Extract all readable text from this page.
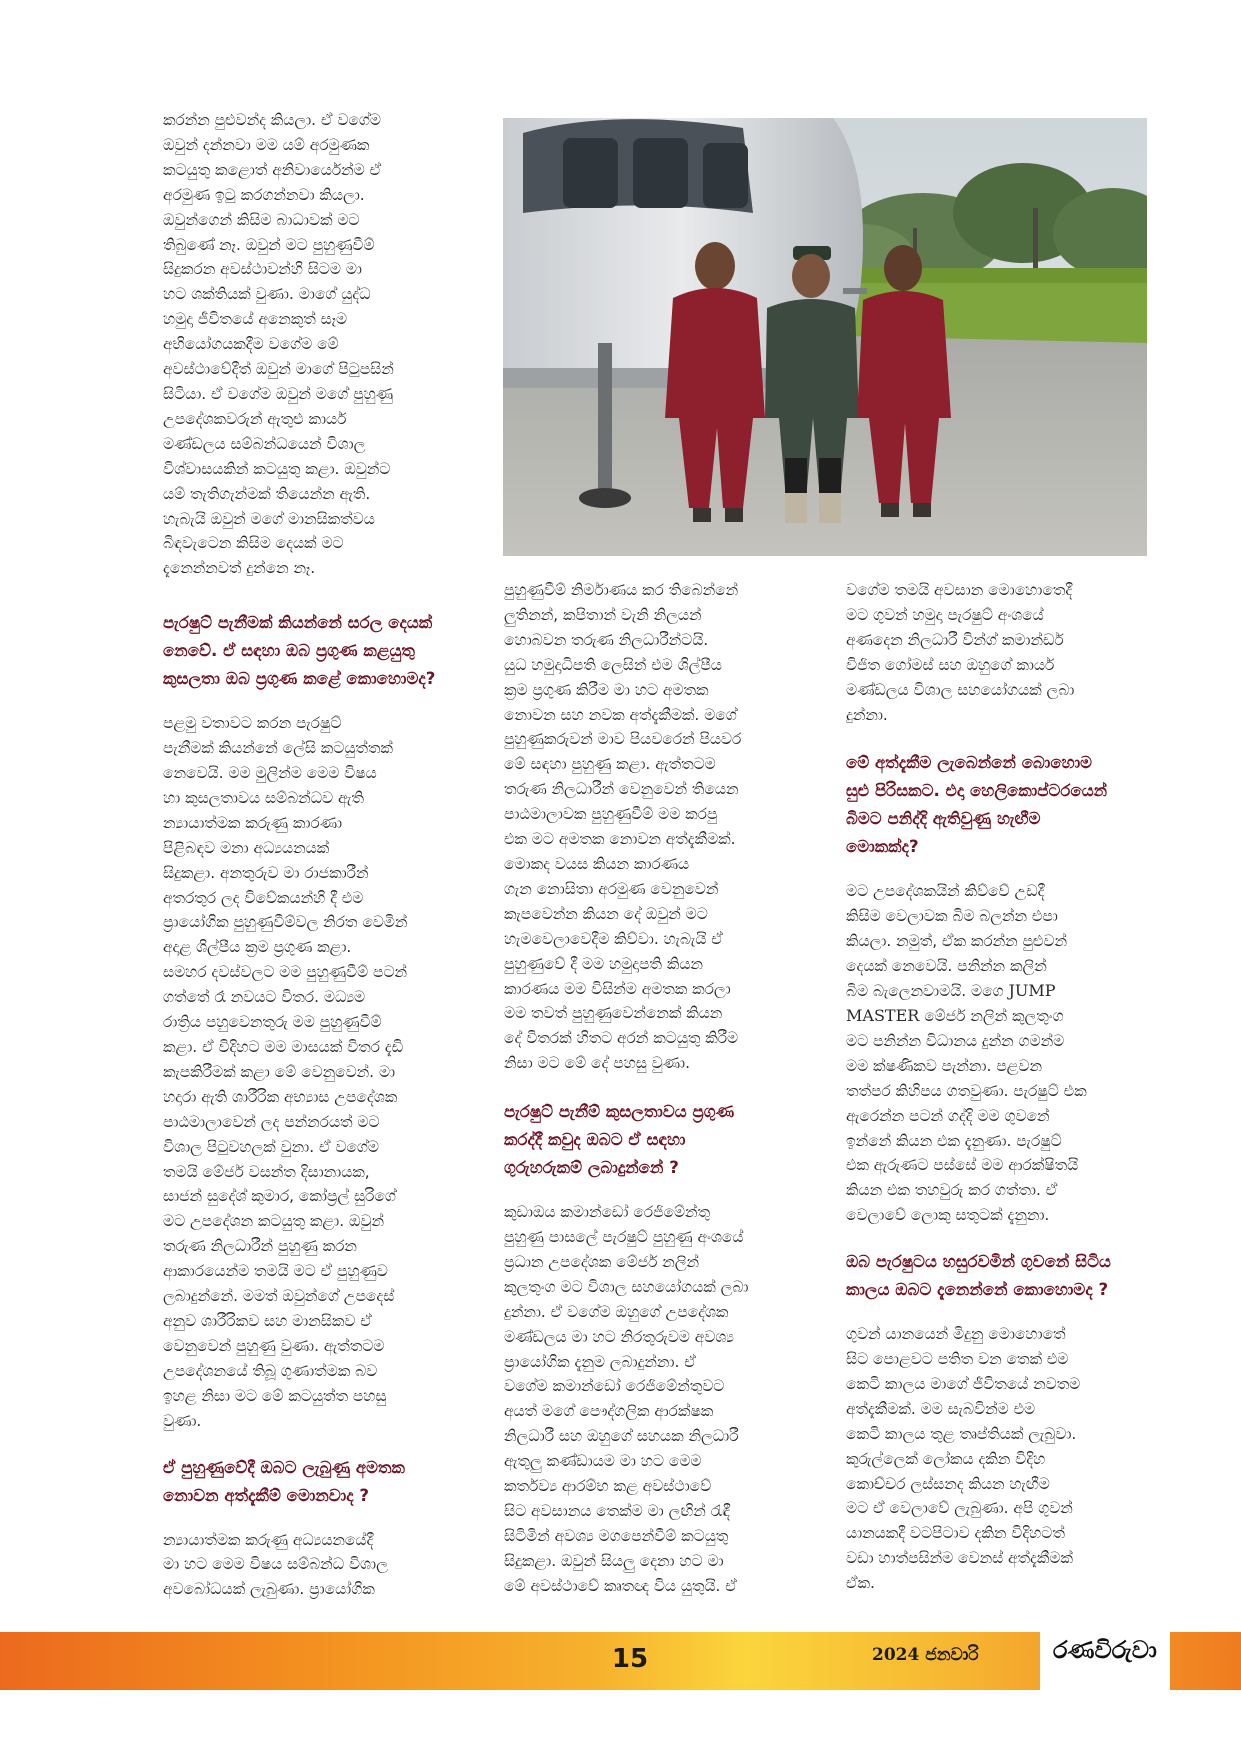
කරන්න පුළුවන්ද කියලා. ඒ වගේම
ඔවුන් දන්නවා මම යම් අරමුණක
කටයුතු කළොත් අනිවාර්යෙන්ම ඒ
අරමුණ ඉටු කරගන්නවා කියලා.
ඔවුන්ගෙන් කිසිම බාධාවක් මට
තිබුණේ නෑ. ඔවුන් මට පුහුණුවීම්
සිදුකරන අවස්ථාවන්හි සිටම මා
හට ශක්තියක් වුණා. මාගේ යුද්ධ
හමුදා ජීවිතයේ අනෙකුත් සෑම
අභියෝගයකදීම වගේම මේ
අවස්ථාවේදීත් ඔවුන් මාගේ පිටුපසින්
සිටියා. ඒ වගේම ඔවුන් මගේ පුහුණු
උපදේශකවරුන් ඇතුළු කාර්ය
මණ්ඩලය සම්බන්ධයෙන් විශාල
විශ්වාසයකින් කටයුතු කළා. ඔවුන්ට
යම් තැතිගැන්මක් තියෙන්න ඇති.
හැබැයි ඔවුන් මගේ මානසිකත්වය
බිඳවැටෙන කිසිම දෙයක් මට
දැනෙන්නවත් දුන්නෙ නෑ.

පැරෂුට් පැනීමක් කියන්නේ සරල දෙයක්
නෙවේ. ඒ සඳහා ඔබ ප්‍රගුණ කළයුතු
කුසලතා ඔබ ප්‍රගුණ කළේ කොහොමද?

පළමු වතාවට කරන පැරෂුට්
පැනීමක් කියන්නේ ලේසි කටයුත්තක්
නෙවෙයි. මම මුලින්ම මෙම විෂය
හා කුසලතාවය සම්බන්ධව ඇති
න්‍යායාත්මක කරුණු කාරණා
පිළිබඳව මනා අධ්‍යයනයක්
සිදුකළා. අනතුරුව මා රාජකාරීන්
අතරතුර ලද විවේකයන්හි දී එම
ප්‍රායෝගික පුහුණුවීම්වල නිරත වෙමින්
අදාළ ශිල්පීය ක්‍රම ප්‍රගුණ කළා.
සමහර දවස්වලට මම පුහුණුවීම් පටන්
ගත්තේ රෑ නවයට විතර. මධ්‍යම
රාත්‍රිය පහුවෙනතුරු මම පුහුණුවීම්
කළා. ඒ විදිහට මම මාසයක් විතර දැඩි
කැපකිරීමක් කළා මේ වෙනුවෙන්. මා
හදාරා ඇති ශාරීරික අභ්‍යාස උපදේශක
පාඨමාලාවෙන් ලද පන්නරයත් මට
විශාල පිටුවහලක් වුනා. ඒ වගේම
තමයි මේජර් වසන්ත දිසානායක,
සාජන් සුදේශ් කුමාර, කෝප්‍රල් සුරිගේ
මට උපදේශන කටයුතු කළා. ඔවුන්
තරුණ නිලධාරීන් පුහුණු කරන
ආකාරයෙන්ම තමයි මට ඒ පුහුණුව
ලබාදුන්නේ. මමත් ඔවුන්ගේ උපදෙස්
අනුව ශාරීරිකව සහ මානසිකව ඒ
වෙනුවෙන් පුහුණු වුණා. ඇත්තටම
උපදේශනයේ තිබූ ගුණාත්මක බව
ඉහළ නිසා මට මේ කටයුත්ත පහසු
වුණා.

ඒ පුහුණුවේදී ඔබට ලැබුණු අමතක
නොවන අත්දැකීම් මොනවාද ?

න්‍යායාත්මක කරුණු අධ්‍යයනයේදී
මා හට මෙම විෂය සම්බන්ධ විශාල
අවබෝධයක් ලැබුණා. ප්‍රායෝගික

පුහුණුවීම් නිර්මාණය කර තිබෙන්නේ
ලුතිනන්, කපිතාන් වැනි නිලයන්
හොබවන තරුණ නිලධාරීන්ටයි.
යුධ හමුදාධිපති ලෙසින් එම ශිල්පීය
ක්‍රම ප්‍රගුණ කිරීම මා හට අමතක
නොවන සහ නවක අත්දැකීමක්. මගේ
පුහුණුකරුවන් මාව පියවරෙන් පියවර
මේ සඳහා පුහුණු කළා. ඇත්තටම
තරුණ නිලධාරීන් වෙනුවෙන් තියෙන
පාඨමාලාවක පුහුණුවීම් මම කරපු
එක මට අමතක නොවන අත්දැකීමක්.
මොකද වයස කියන කාරණය
ගැන නොසිතා අරමුණ වෙනුවෙන්
කැපවෙන්න කියන දේ ඔවුන් මට
හැමවෙලාවෙදීම කිව්වා. හැබැයි ඒ
පුහුණුවේ දී මම හමුදාපති කියන
කාරණය මම විසින්ම අමතක කරලා
මම තවත් පුහුණුවෙන්නෙක් කියන
දේ විතරක් හිතට අරන් කටයුතු කිරීම
නිසා මට මේ දේ පහසු වුණා.

පැරෂුට් පැනීම් කුසලතාවය ප්‍රගුණ
කරද්දී කවුද ඔබට ඒ සඳහා
ගුරුහරුකම් ලබාදුන්නේ ?

කුඩාඔය කමාන්ඩෝ රෙජිමේන්තු
පුහුණු පාසලේ පැරෂුට් පුහුණු අංශයේ
ප්‍රධාන උපදේශක මේජර් නලින්
කුලතුංග මට විශාල සහයෝගයක් ලබා
දුන්නා. ඒ වගේම ඔහුගේ උපදේශක
මණ්ඩලය මා හට නිරතුරුවම අවශ්‍ය
ප්‍රායෝගික දැනුම ලබාදුන්නා. ඒ
වගේම කමාන්ඩෝ රෙජිමේන්තුවට
අයත් මගේ පෞද්ගලික ආරක්ෂක
නිලධාරී සහ ඔහුගේ සහයක නිලධාරී
ඇතුලු කණ්ඩායම මා හට මෙම
කර්තව්‍ය ආරම්භ කළ අවස්ථාවේ
සිට අවසානය තෙක්ම මා ලඟින් රැඳී
සිටිමින් අවශ්‍ය මගපෙන්වීම් කටයුතු
සිදුකළා. ඔවුන් සියලු දෙනා හට මා
මේ අවස්ථාවේ කෘතඥ විය යුතුයි. ඒ

වගේම තමයි අවසාන මොහොතෙදී
මට ගුවන් හමුදා පැරෂුට් අංශයේ
අණදෙන නිලධාරී වින්ග් කමාන්ඩර්
විජිත ගෝමස් සහ ඔහුගේ කාර්ය
මණ්ඩලය විශාල සහයෝගයක් ලබා
දුන්නා.

මේ අත්දැකීම ලැබෙන්නේ බොහොම
සුළු පිරිසකට. එදා හෙලිකොප්ටරයෙන්
බිමට පනිද්දි ඇතිවුණු හැඟීම
මොකක්ද?

මට උපදේශකයින් කිව්වේ උඩදී
කිසිම වෙලාවක බිම බලන්න එපා
කියලා. නමුත්, ඒක කරන්න පුළුවන්
දෙයක් නෙවෙයි. පනින්න කලින්
බිම බැලෙනවාමයි. මගෙ JUMP
MASTER මේජර් නලින් කුලතුංග
මට පනින්න විධානය දුන්න ගමන්ම
මම ක්ෂණිකව පැන්නා. පළවන
තත්පර කිහිපය ගතවුණා. පැරෂුට් එක
ඇරෙන්න පටන් ගද්දි මම ගුවනේ
ඉන්නේ කියන එක දැනුණා. පැරෂුට්
එක ඇරුණට පස්සේ මම ආරක්ෂිතයි
කියන එක තහවුරු කර ගත්තා. ඒ
වෙලාවේ ලොකු සතුටක් දැනුනා.

ඔබ පැරෂුටය හසුරවමින් ගුවනේ සිටිය
කාලය ඔබට දැනෙන්නේ කොහොමද ?

ගුවන් යානයෙන් මිදුනු මොහොතේ
සිට පොළවට පතිත වන තෙක් එම
කෙටි කාලය මාගේ ජීවිතයේ නවතම
අත්දැකීමක්. මම සැබවින්ම එම
කෙටි කාලය තුළ තෘප්තියක් ලැබුවා.
කුරුල්ලෙක් ලෝකය දකින විදිහ
කොච්චර ලස්සනද කියන හැඟීම
මට ඒ වෙලාවේ ලැබුණා. අපි ගුවන්
යානයකදී වටපිටාව දකින විදිහටත්
වඩා හාත්පසින්ම වෙනස් අත්දැකීමක්
ඒක.

15	2024 ජනවාරි	රණවිරුවා
